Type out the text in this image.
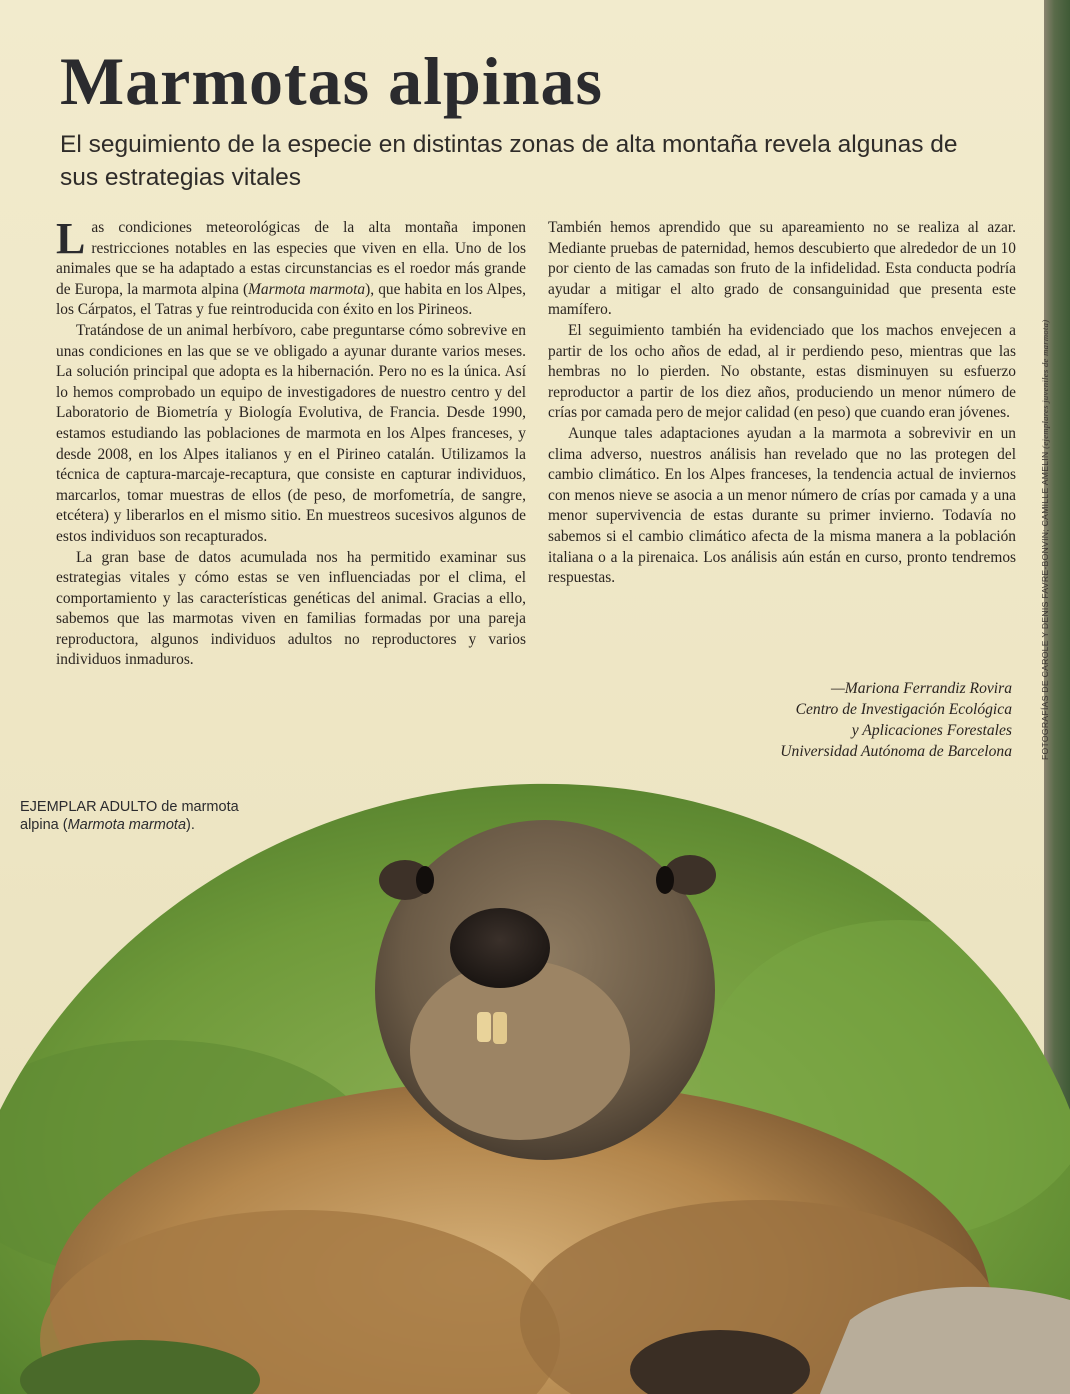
Marmotas alpinas
El seguimiento de la especie en distintas zonas de alta montaña revela algunas de sus estrategias vitales

Las condiciones meteorológicas de la alta montaña imponen restricciones notables en las especies que viven en ella. Uno de los animales que se ha adaptado a estas circunstancias es el roedor más grande de Europa, la marmota alpina (Marmota marmota), que habita en los Alpes, los Cárpatos, el Tatras y fue reintroducida con éxito en los Pirineos.

Tratándose de un animal herbívoro, cabe preguntarse cómo sobrevive en unas condiciones en las que se ve obligado a ayunar durante varios meses. La solución principal que adopta es la hibernación. Pero no es la única. Así lo hemos comprobado un equipo de investigadores de nuestro centro y del Laboratorio de Biometría y Biología Evolutiva, de Francia. Desde 1990, estamos estudiando las poblaciones de marmota en los Alpes franceses, y desde 2008, en los Alpes italianos y en el Pirineo catalán. Utilizamos la técnica de captura-marcaje-recaptura, que consiste en capturar individuos, marcarlos, tomar muestras de ellos (de peso, de morfometría, de sangre, etcétera) y liberarlos en el mismo sitio. En muestreos sucesivos algunos de estos individuos son recapturados.

La gran base de datos acumulada nos ha permitido examinar sus estrategias vitales y cómo estas se ven influenciadas por el clima, el comportamiento y las características genéticas del animal. Gracias a ello, sabemos que las marmotas viven en familias formadas por una pareja reproductora, algunos individuos adultos no reproductores y varios individuos inmaduros.

También hemos aprendido que su apareamiento no se realiza al azar. Mediante pruebas de paternidad, hemos descubierto que alrededor de un 10 por ciento de las camadas son fruto de la infidelidad. Esta conducta podría ayudar a mitigar el alto grado de consanguinidad que presenta este mamífero.

El seguimiento también ha evidenciado que los machos envejecen a partir de los ocho años de edad, al ir perdiendo peso, mientras que las hembras no lo pierden. No obstante, estas disminuyen su esfuerzo reproductor a partir de los diez años, produciendo un menor número de crías por camada pero de mejor calidad (en peso) que cuando eran jóvenes.

Aunque tales adaptaciones ayudan a la marmota a sobrevivir en un clima adverso, nuestros análisis han revelado que no las protegen del cambio climático. En los Alpes franceses, la tendencia actual de inviernos con menos nieve se asocia a un menor número de crías por camada y a una menor supervivencia de estas durante su primer invierno. Todavía no sabemos si el cambio climático afecta de la misma manera a la población italiana o a la pirenaica. Los análisis aún están en curso, pronto tendremos respuestas.

—Mariona Ferrandiz Rovira
Centro de Investigación Ecológica
y Aplicaciones Forestales
Universidad Autónoma de Barcelona	FOTOGRAFÍAS DE CAROLE Y DENIS FAVRE-BONVIN; CAMILLE AMELIN (ejemplares juveniles de marmota)
EJEMPLAR ADULTO de marmota alpina (Marmota marmota).
